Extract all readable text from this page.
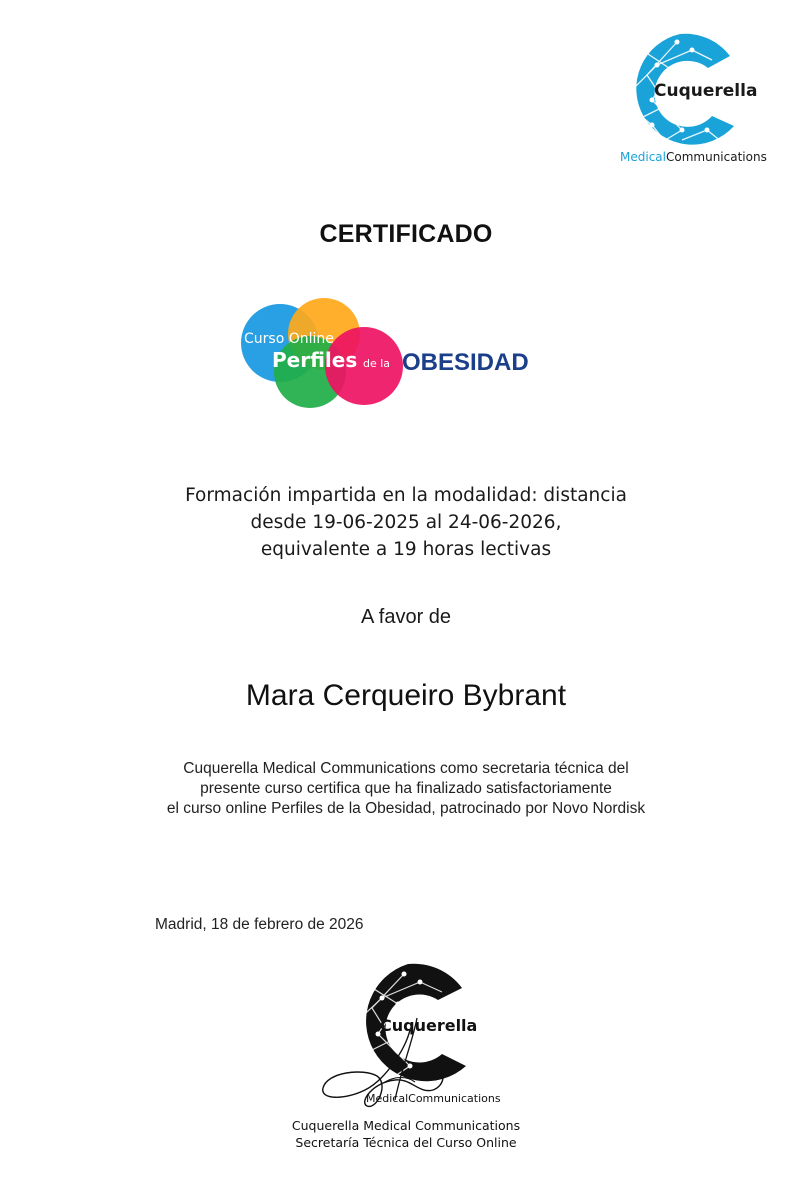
Cuquerella
MedicalCommunications
CERTIFICADO
Curso Online
Perfiles de la OBESIDAD
Formación impartida en la modalidad: distancia
desde 19-06-2025 al 24-06-2026,
equivalente a 19 horas lectivas
A favor de
Mara Cerqueiro Bybrant
Cuquerella Medical Communications como secretaria técnica del
presente curso certifica que ha finalizado satisfactoriamente
el curso online Perfiles de la Obesidad, patrocinado por Novo Nordisk
Madrid, 18 de febrero de 2026
Cuquerella
MedicalCommunications
Cuquerella Medical Communications
Secretaría Técnica del Curso Online
